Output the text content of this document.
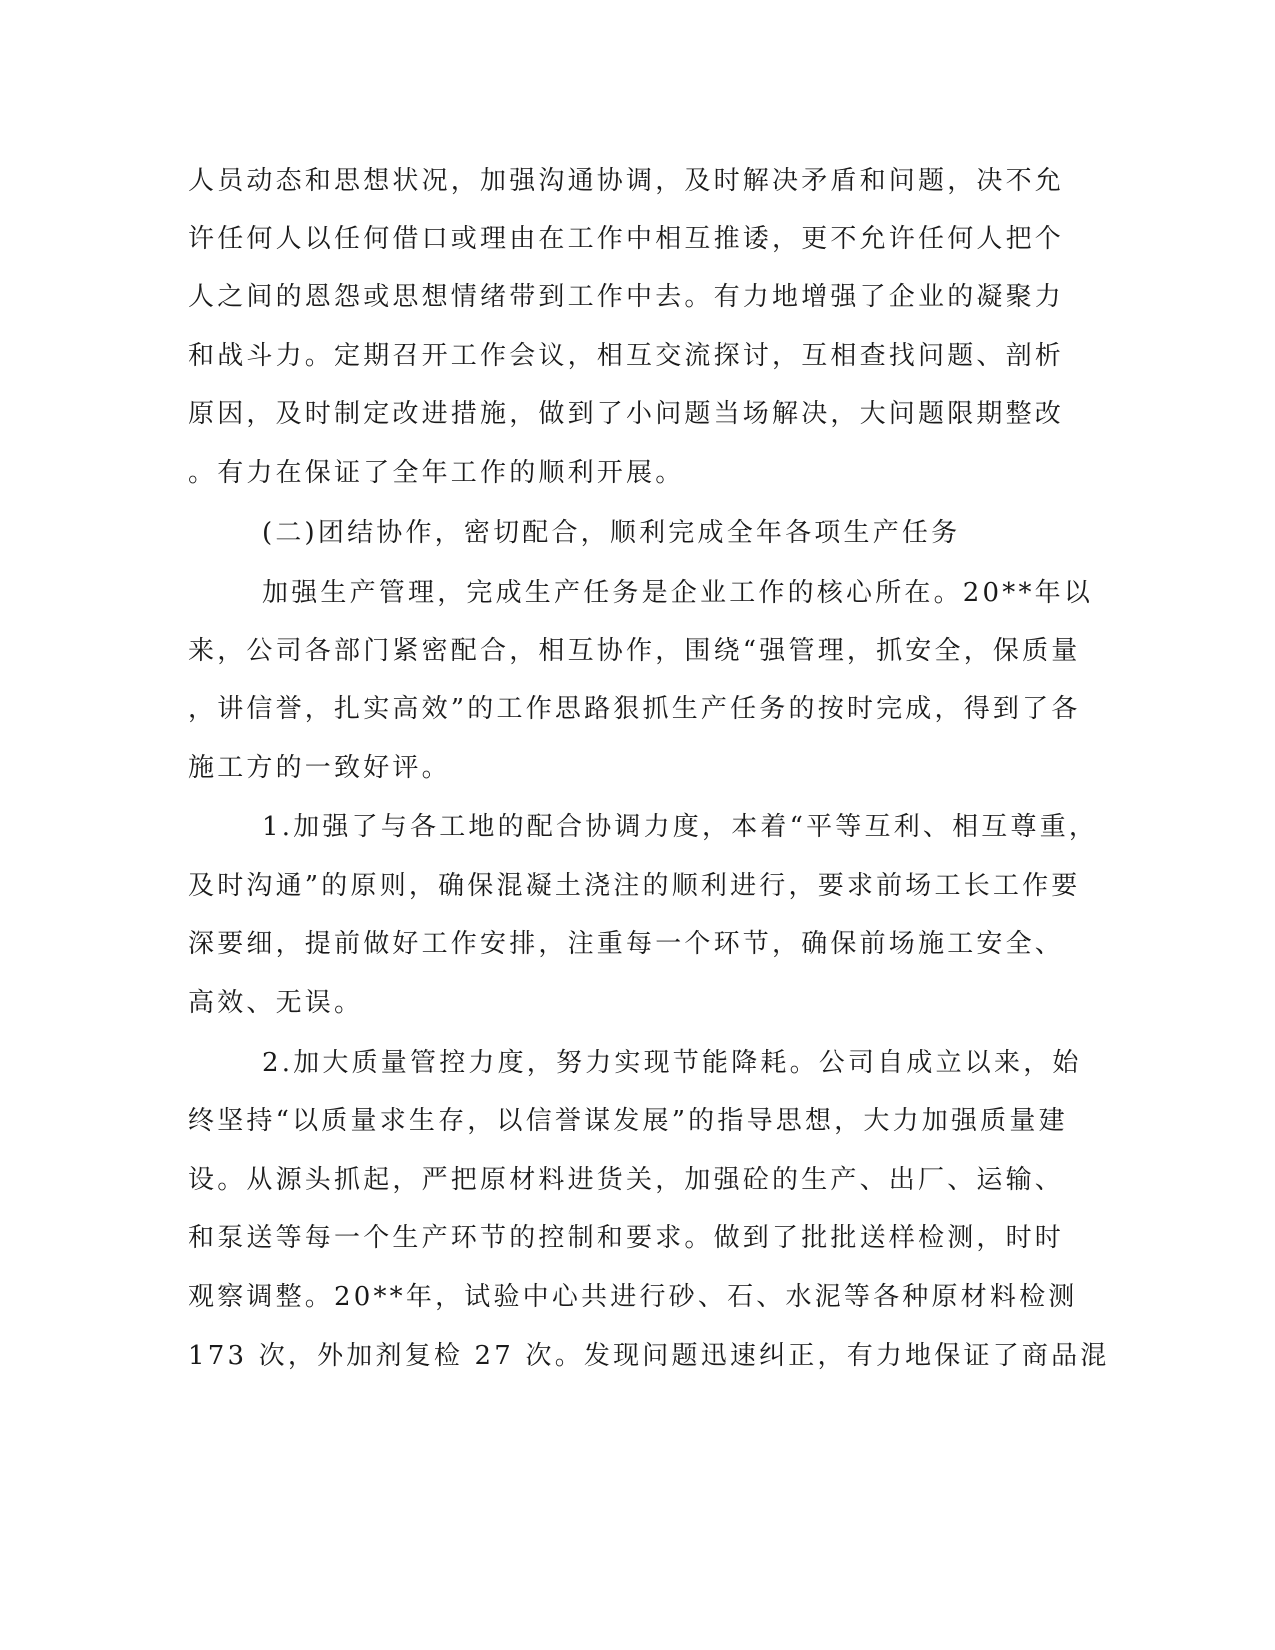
人员动态和思想状况，加强沟通协调，及时解决矛盾和问题，决不允
许任何人以任何借口或理由在工作中相互推诿，更不允许任何人把个
人之间的恩怨或思想情绪带到工作中去。有力地增强了企业的凝聚力
和战斗力。定期召开工作会议，相互交流探讨，互相查找问题、剖析
原因，及时制定改进措施，做到了小问题当场解决，大问题限期整改
。有力在保证了全年工作的顺利开展。
(二)团结协作，密切配合，顺利完成全年各项生产任务
加强生产管理，完成生产任务是企业工作的核心所在。20**年以
来，公司各部门紧密配合，相互协作，围绕“强管理，抓安全，保质量
，讲信誉，扎实高效”的工作思路狠抓生产任务的按时完成，得到了各
施工方的一致好评。
1.加强了与各工地的配合协调力度，本着“平等互利、相互尊重，
及时沟通”的原则，确保混凝土浇注的顺利进行，要求前场工长工作要
深要细，提前做好工作安排，注重每一个环节，确保前场施工安全、
高效、无误。
2.加大质量管控力度，努力实现节能降耗。公司自成立以来，始
终坚持“以质量求生存，以信誉谋发展”的指导思想，大力加强质量建
设。从源头抓起，严把原材料进货关，加强砼的生产、出厂、运输、
和泵送等每一个生产环节的控制和要求。做到了批批送样检测，时时
观察调整。20**年，试验中心共进行砂、石、水泥等各种原材料检测
173 次，外加剂复检 27 次。发现问题迅速纠正，有力地保证了商品混
